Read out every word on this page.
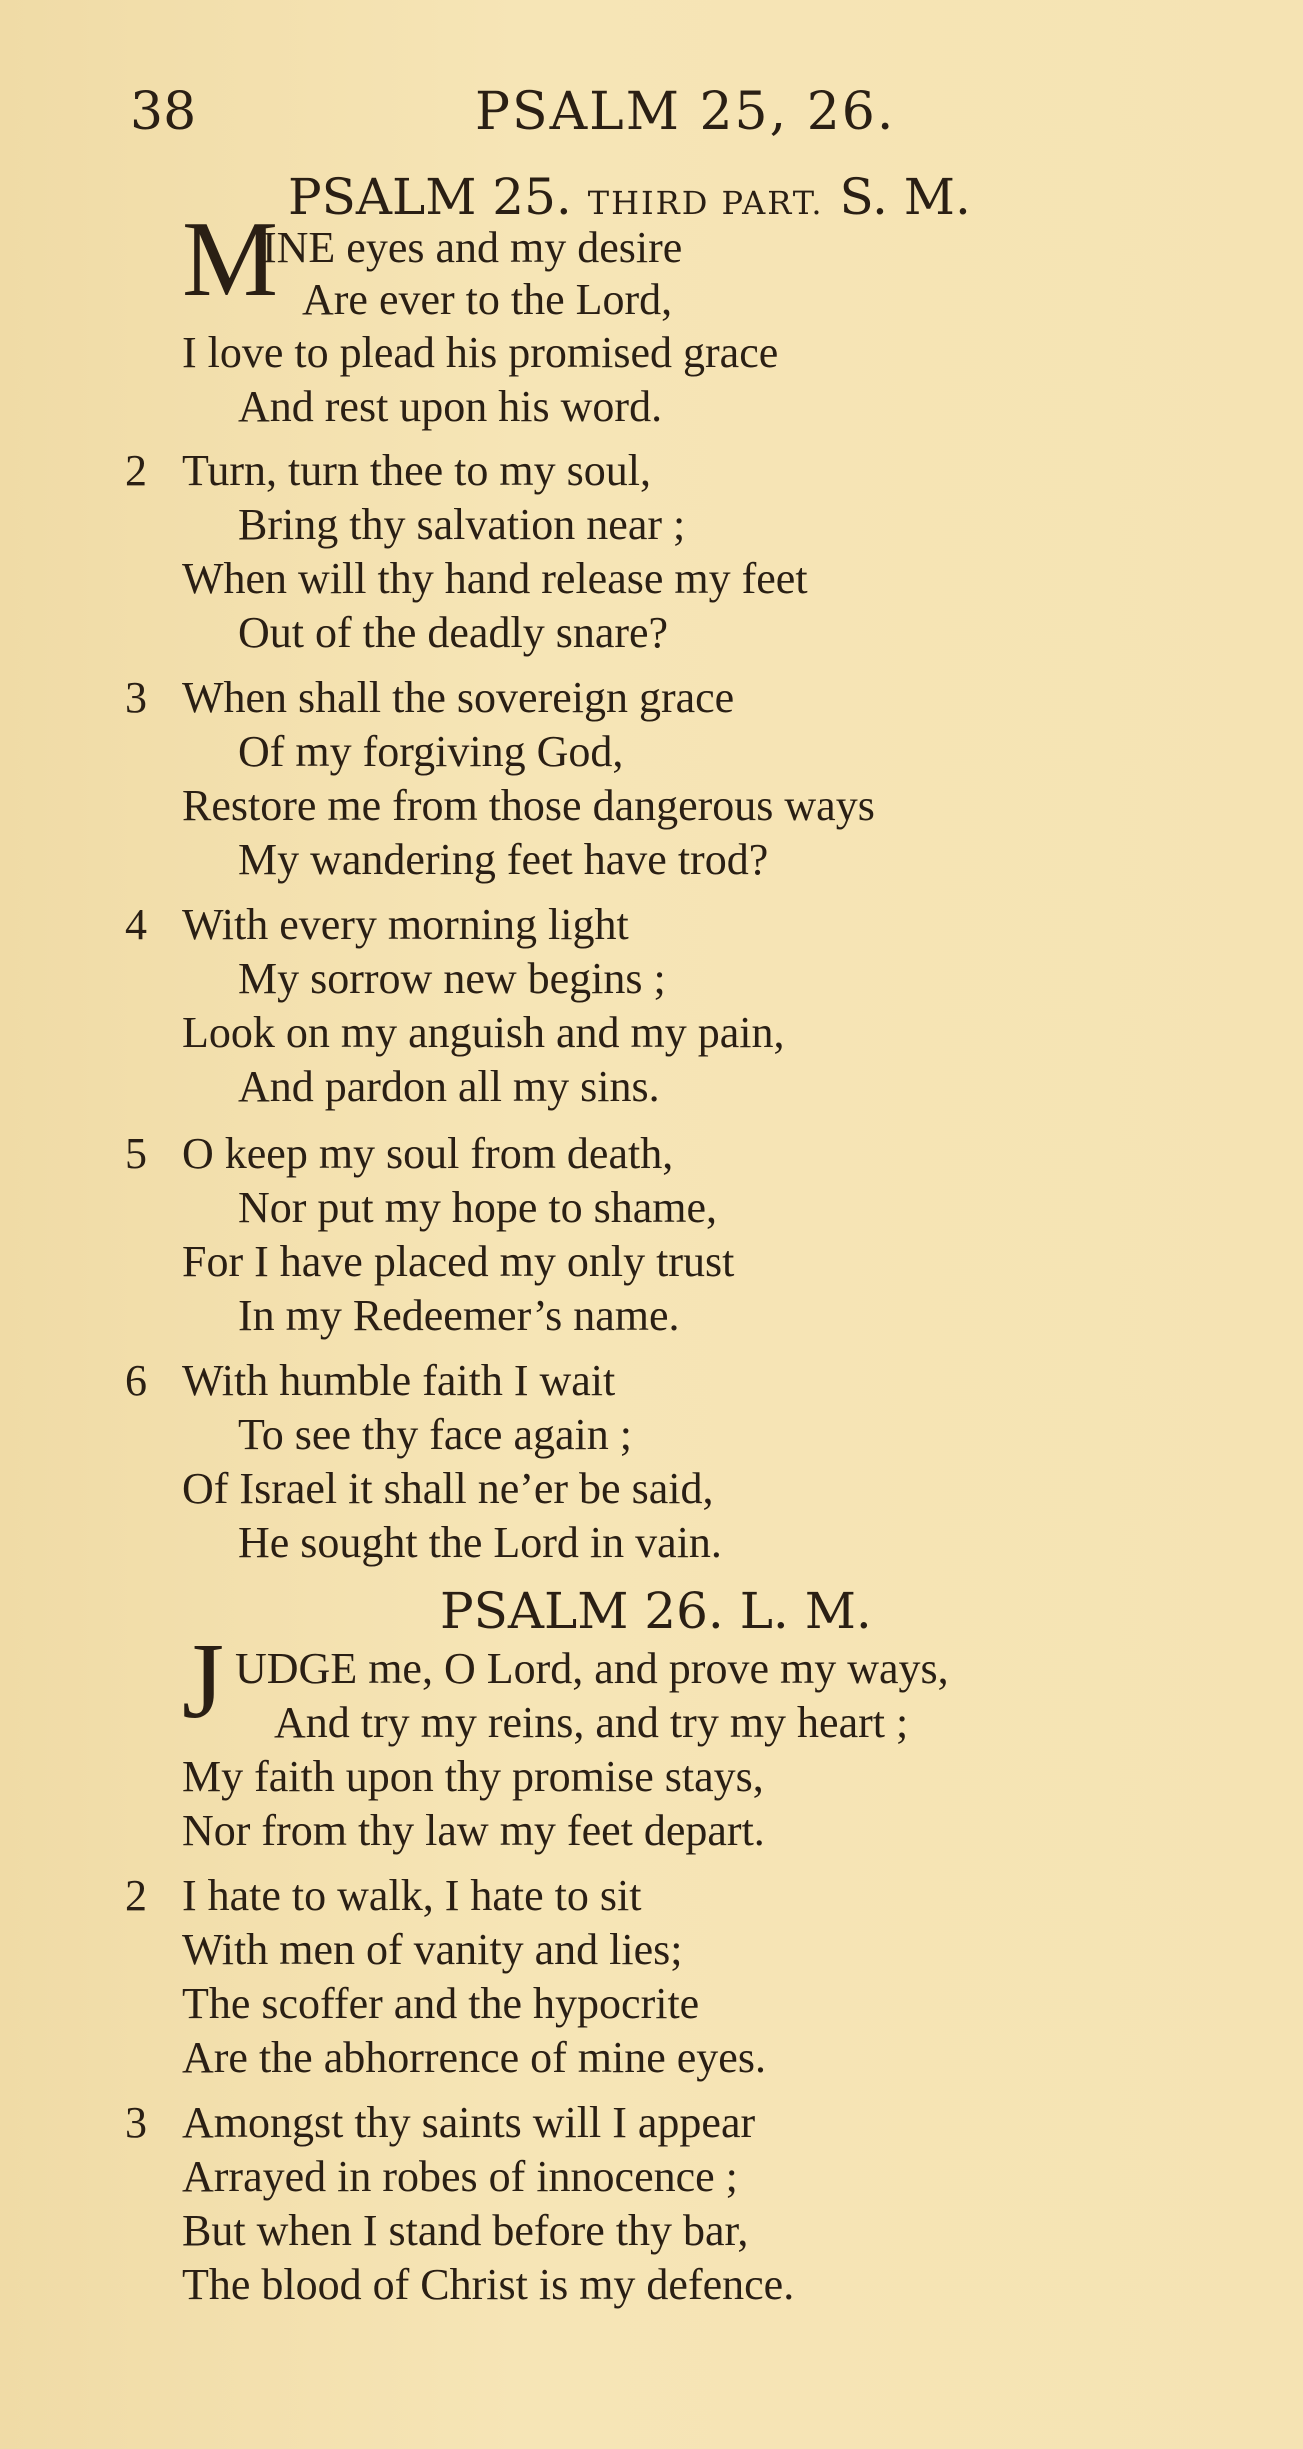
38	PSALM 25, 26.
PSALM 25. THIRD PART. S. M.
M
INE eyes and my desire
Are ever to the Lord,
I love to plead his promised grace
And rest upon his word.
2 Turn, turn thee to my soul,
Bring thy salvation near ;
When will thy hand release my feet
Out of the deadly snare?
3 When shall the sovereign grace
Of my forgiving God,
Restore me from those dangerous ways
My wandering feet have trod?
4 With every morning light
My sorrow new begins ;
Look on my anguish and my pain,
And pardon all my sins.
5 O keep my soul from death,
Nor put my hope to shame,
For I have placed my only trust
In my Redeemer’s name.
6 With humble faith I wait
To see thy face again ;
Of Israel it shall ne’er be said,
He sought the Lord in vain.
PSALM 26. L. M.
J UDGE me, O Lord, and prove my ways,
And try my reins, and try my heart ;
My faith upon thy promise stays,
Nor from thy law my feet depart.
2 I hate to walk, I hate to sit
With men of vanity and lies;
The scoffer and the hypocrite
Are the abhorrence of mine eyes.
3 Amongst thy saints will I appear
Arrayed in robes of innocence ;
But when I stand before thy bar,
The blood of Christ is my defence.
